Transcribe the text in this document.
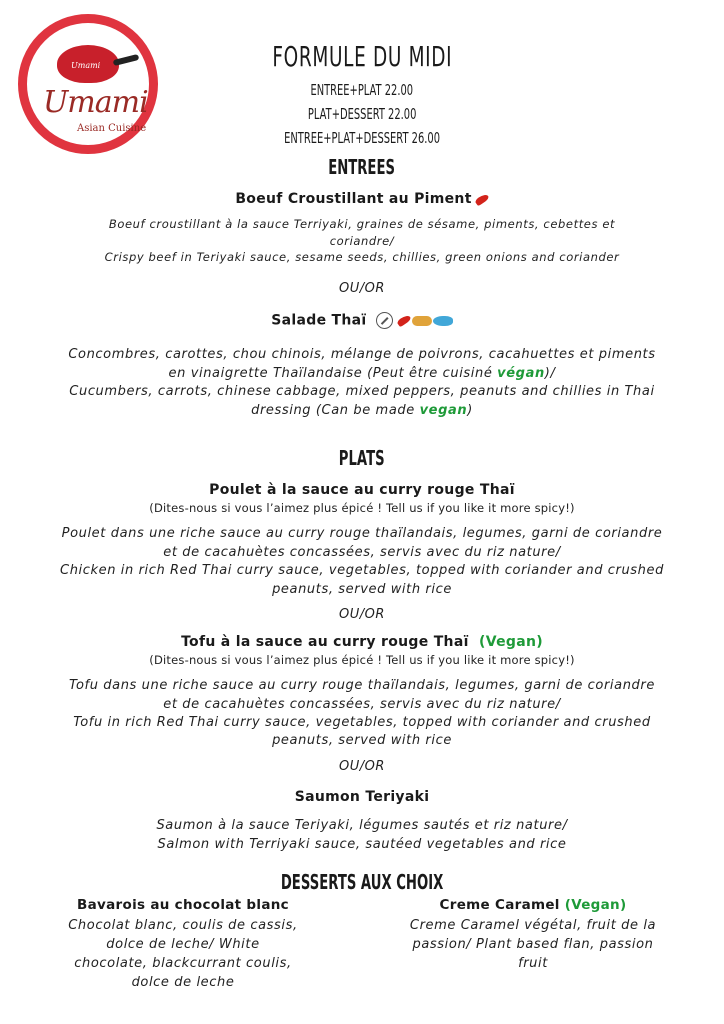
Umami
Umami
Asian Cuisine
FORMULE DU MIDI
ENTREE+PLAT 22.00
PLAT+DESSERT 22.00
ENTREE+PLAT+DESSERT 26.00
ENTREES
Boeuf Croustillant au Piment
Boeuf croustillant à la sauce Terriyaki, graines de sésame, piments, cebettes et
coriandre/
Crispy beef in Teriyaki sauce, sesame seeds, chillies, green onions and coriander
OU/OR
Salade Thaï
Concombres, carottes, chou chinois, mélange de poivrons, cacahuettes et piments
en vinaigrette Thaïlandaise (Peut être cuisiné végan)/
Cucumbers, carrots, chinese cabbage, mixed peppers, peanuts and chillies in Thai
dressing (Can be made vegan)
PLATS
Poulet à la sauce au curry rouge Thaï
(Dites-nous si vous l’aimez plus épicé ! Tell us if you like it more spicy!)
Poulet dans une riche sauce au curry rouge thaïlandais, legumes, garni de coriandre
et de cacahuètes concassées, servis avec du riz nature/
Chicken in rich Red Thai curry sauce, vegetables, topped with coriander and crushed
peanuts, served with rice
OU/OR
Tofu à la sauce au curry rouge Thaï (Vegan)
(Dites-nous si vous l’aimez plus épicé ! Tell us if you like it more spicy!)
Tofu dans une riche sauce au curry rouge thaïlandais, legumes, garni de coriandre
et de cacahuètes concassées, servis avec du riz nature/
Tofu in rich Red Thai curry sauce, vegetables, topped with coriander and crushed
peanuts, served with rice
OU/OR
Saumon Teriyaki
Saumon à la sauce Teriyaki, légumes sautés et riz nature/
Salmon with Terriyaki sauce, sautéed vegetables and rice
DESSERTS AUX CHOIX
Bavarois au chocolat blanc
Chocolat blanc, coulis de cassis, dolce de leche/ White chocolate, blackcurrant coulis, dolce de leche
Creme Caramel (Vegan)
Creme Caramel végétal, fruit de la passion/ Plant based flan, passion fruit
